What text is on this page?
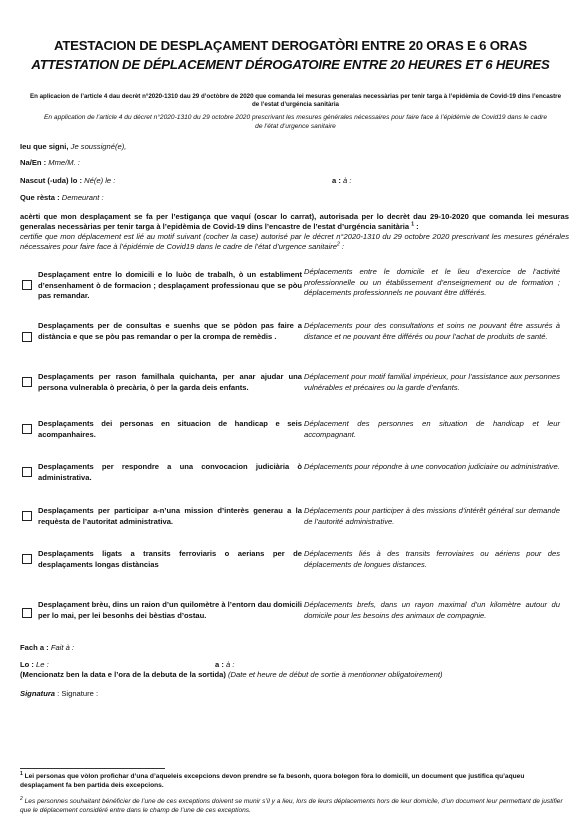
ATESTACION DE DESPLAÇAMENT DEROGATÒRI ENTRE 20 ORAS E 6 ORAS
ATTESTATION DE DÉPLACEMENT DÉROGATOIRE ENTRE 20 HEURES ET 6 HEURES
En aplicacion de l’article 4 dau decrèt n°2020-1310 dau 29 d’octòbre de 2020 que comanda lei mesuras generalas necessàrias per tenir targa à l’epidèmia de Covid-19 dins l’encastre de l’estat d’urgéncia sanitària
En application de l’article 4 du décret n°2020-1310 du 29 octobre 2020 prescrivant les mesures générales nécessaires pour faire face à l’épidémie de Covid19 dans le cadre de l’état d’urgence sanitaire
Ieu que signi, Je soussigné(e),
Na/En : Mme/M. :
Nascut (-uda) lo : Né(e) le :	a : à :
Que rèsta : Demeurant :
acèrti que mon desplaçament se fa per l’estigança que vaquí (oscar lo carrat), autorisada per lo decrèt dau 29-10-2020 que comanda lei mesuras generalas necessàrias per tenir targa à l’epidèmia de Covid-19 dins l’encastre de l’estat d’urgéncia sanitària $^1$ :
certifie que mon déplacement est lié au motif suivant (cocher la case) autorisé par le décret n°2020-1310 du 29 octobre 2020 prescrivant les mesures générales nécessaires pour faire face à l’épidémie de Covid19 dans le cadre de l’état d’urgence sanitaire$^2$ :
Desplaçament entre lo domicili e lo luòc de trabalh, ò un establiment d’ensenhament ò de formacion ; desplaçament professionau que se pòu pas remandar.
Déplacements entre le domicile et le lieu d’exercice de l’activité professionnelle ou un établissement d’enseignement ou de formation ; déplacements professionnels ne pouvant être différés.
Desplaçaments per de consultas e suenhs que se pòdon pas faire a distància e que se pòu pas remandar o per la crompa de remèdis .
Déplacements pour des consultations et soins ne pouvant être assurés à distance et ne pouvant être différés ou pour l’achat de produits de santé.
Desplaçaments per rason familhala quichanta, per anar ajudar una persona vulnerabla ò precària, ò per la garda deis enfants.
Déplacement pour motif familial impérieux, pour l’assistance aux personnes vulnérables et précaires ou la garde d’enfants.
Desplaçaments dei personas en situacion de handicap e seis acompanhaires.
Déplacement des personnes en situation de handicap et leur accompagnant.
Desplaçaments per respondre a una convocacion judiciària ò administrativa.
Déplacements pour répondre à une convocation judiciaire ou administrative.
Desplaçaments per participar a-n’una mission d’interès generau a la requèsta de l’autoritat administrativa.
Déplacements pour participer à des missions d’intérêt général sur demande de l’autorité administrative.
Desplaçaments ligats a transits ferroviaris o aerians per de desplaçaments longas distàncias
Déplacements liés à des transits ferroviaires ou aériens pour des déplacements de longues distances.
Desplaçament brèu, dins un raion d’un quilomètre à l’entorn dau domicili per lo mai, per lei besonhs dei bèstias d’ostau.
Déplacements brefs, dans un rayon maximal d’un kilomètre autour du domicile pour les besoins des animaux de compagnie.
Fach a : Fait à :
Lo : Le :	a : à :
(Mencionatz ben la data e l’ora de la debuta de la sortida) (Date et heure de début de sortie à mentionner obligatoirement)
Signatura : Signature :
$^1$ Lei personas que vòlon profichar d’una d’aqueleis excepcions devon prendre se fa besonh, quora bolegon fòra lo domicili, un document que justifica qu’aqueu desplaçament fa ben partida deis excepcions.
$^2$ Les personnes souhaitant bénéficier de l’une de ces exceptions doivent se munir s’il y a lieu, lors de leurs déplacements hors de leur domicile, d’un document leur permettant de justifier que le déplacement considéré entre dans le champ de l’une de ces exceptions.
